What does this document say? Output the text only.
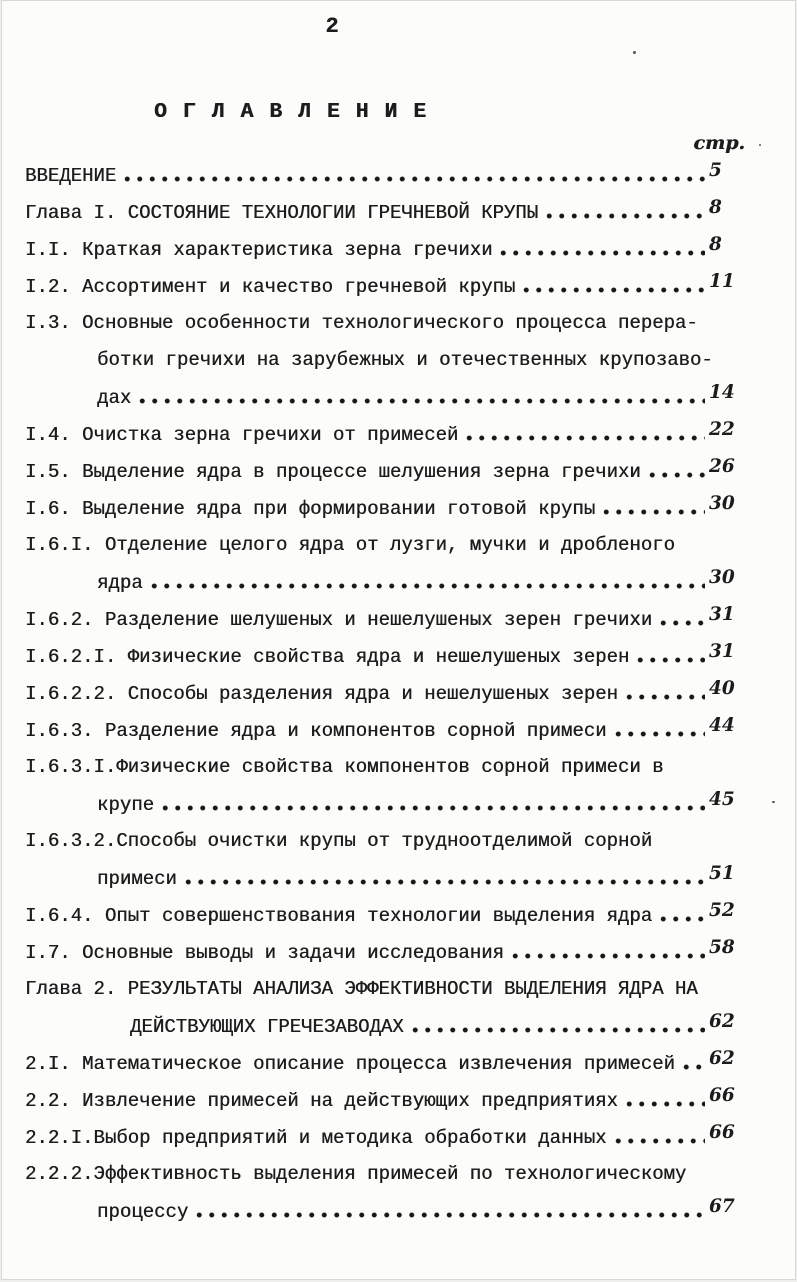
2
О Г Л А В Л Е Н И Е
стр.
ВВЕДЕНИЕ	5
Глава I. СОСТОЯНИЕ ТЕХНОЛОГИИ ГРЕЧНЕВОЙ КРУПЫ	8
I.I. Краткая характеристика зерна гречихи	8
I.2. Ассортимент и качество гречневой крупы	11
I.3. Основные особенности технологического процесса перера-
ботки гречихи на зарубежных и отечественных крупозаво-
дах	14
I.4. Очистка зерна гречихи от примесей	22
I.5. Выделение ядра в процессе шелушения зерна гречихи	26
I.6. Выделение ядра при формировании готовой крупы	30
I.6.I. Отделение целого ядра от лузги, мучки и дробленого
ядра	30
I.6.2. Разделение шелушеных и нешелушеных зерен гречихи	31
I.6.2.I. Физические свойства ядра и нешелушеных зерен	31
I.6.2.2. Способы разделения ядра и нешелушеных зерен	40
I.6.3. Разделение ядра и компонентов сорной примеси	44
I.6.3.I.Физические свойства компонентов сорной примеси в
крупе	45
I.6.3.2.Способы очистки крупы от трудноотделимой сорной
примеси	51
I.6.4. Опыт совершенствования технологии выделения ядра	52
I.7. Основные выводы и задачи исследования	58
Глава 2. РЕЗУЛЬТАТЫ АНАЛИЗА ЭФФЕКТИВНОСТИ ВЫДЕЛЕНИЯ ЯДРА НА
ДЕЙСТВУЮЩИХ ГРЕЧЕЗАВОДАХ	62
2.I. Математическое описание процесса извлечения примесей 62
2.2. Извлечение примесей на действующих предприятиях	66
2.2.I.Выбор предприятий и методика обработки данных	66
2.2.2.Эффективность выделения примесей по технологическому
процессу	67
